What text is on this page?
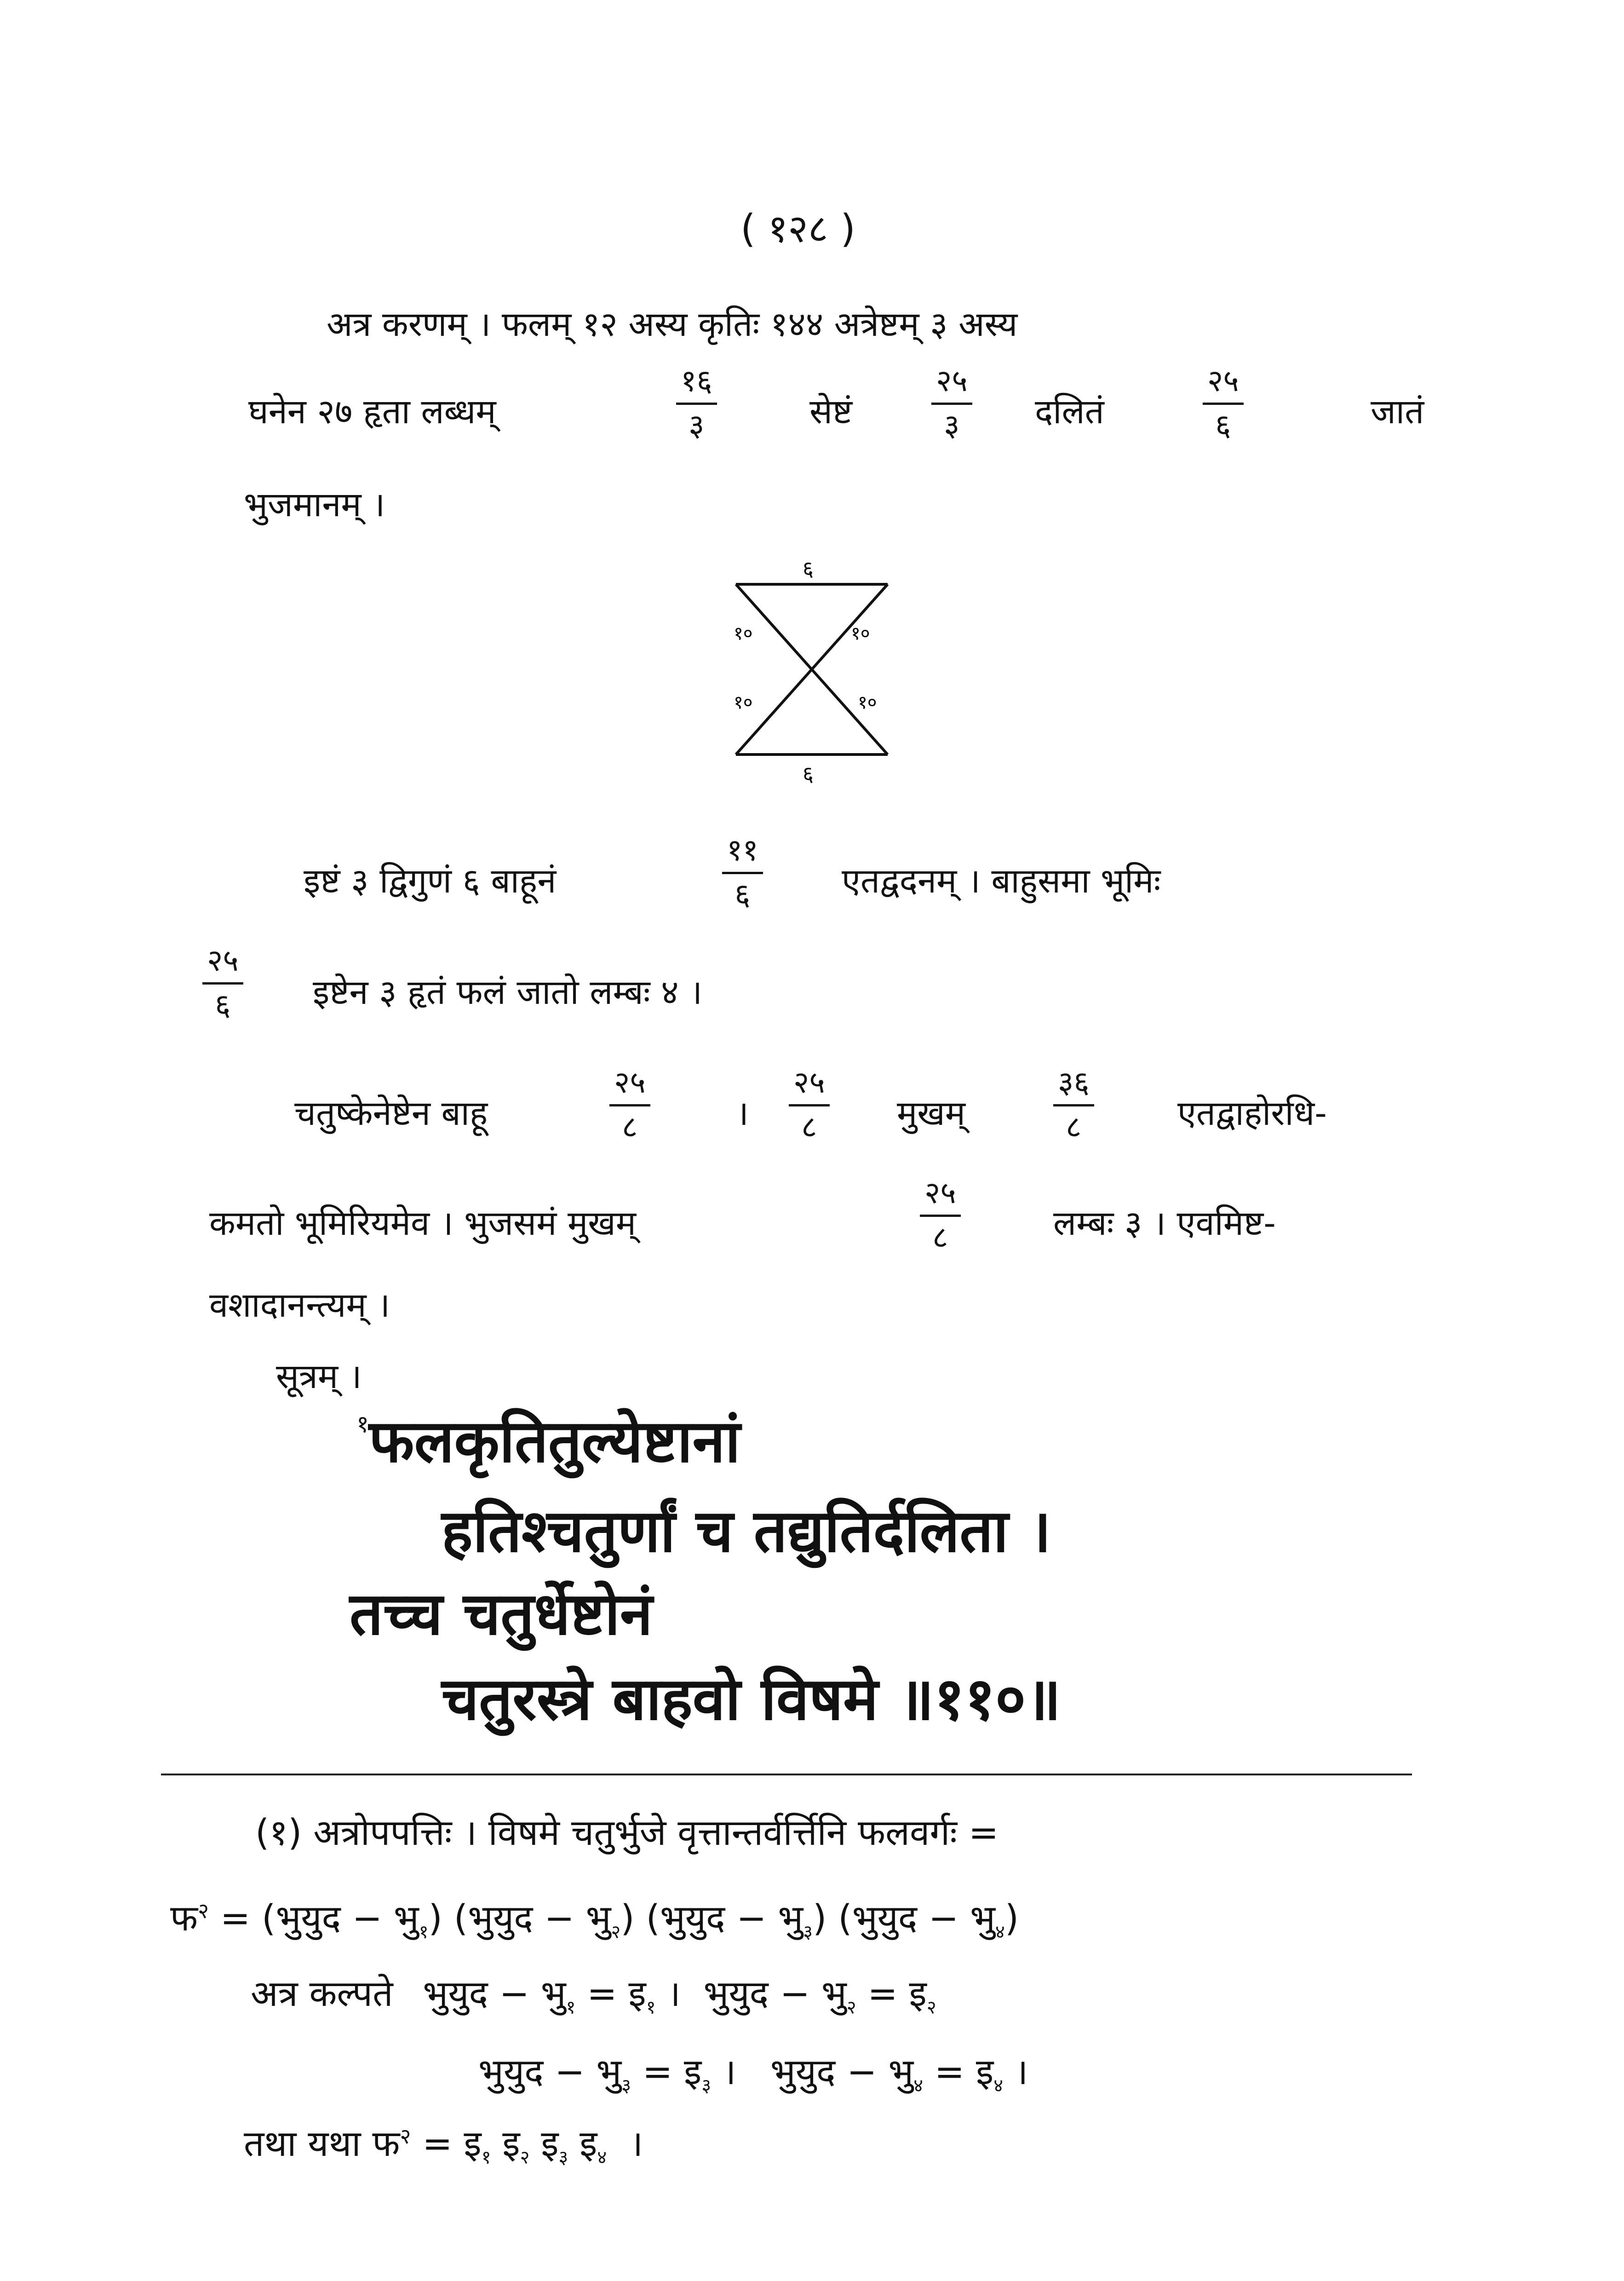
( १२८ )
अत्र करणम् । फलम् १२ अस्य कृतिः १४४ अत्रेष्टम् ३ अस्य
घनेन २७ हृता लब्धम्
१६
३	सेष्टं
२५
३	दलितं
२५
६	जातं
भुजमानम् ।
६
६
१०	१०
१०	१०
इष्टं ३ द्विगुणं ६ बाहूनं
११
६	एतद्वदनम् । बाहुसमा भूमिः
२५
६	इष्टेन ३ हृतं फलं जातो लम्बः ४ ।
चतुष्केनेष्टेन बाहू
२५
८	।
२५
८	मुखम्
३६
८	एतद्वाहोरधि-
कमतो भूमिरियमेव । भुजसमं मुखम्
२५
८	लम्बः ३ । एवमिष्ट-
वशादानन्त्यम् ।
सूत्रम् ।
$^१$फलकृतितुल्येष्टानां
हतिश्चतुर्णां च तद्युतिर्दलिता ।
तच्च चतुर्धेष्टोनं
चतुरस्त्रे बाहवो विषमे ॥११०॥
(१) अत्रोपपत्तिः । विषमे चतुर्भुजे वृत्तान्तर्वर्त्तिनि फलवर्गः =
फ$^२$ = (भुयुद − $भु_१$) (भुयुद − $भु_२$) (भुयुद − $भु_३$) (भुयुद − $भु_४$)
अत्र कल्पते भुयुद − $भु_१$ = इ$_१$ ।  भुयुद − $भु_२$ = इ$_२$
भुयुद − $भु_३$ = इ$_३$ ।   भुयुद − $भु_४$ = इ$_४$ ।
तथा यथा फ$^२$ = इ$_१$ इ$_२$ इ$_३$ इ$_४$  ।
